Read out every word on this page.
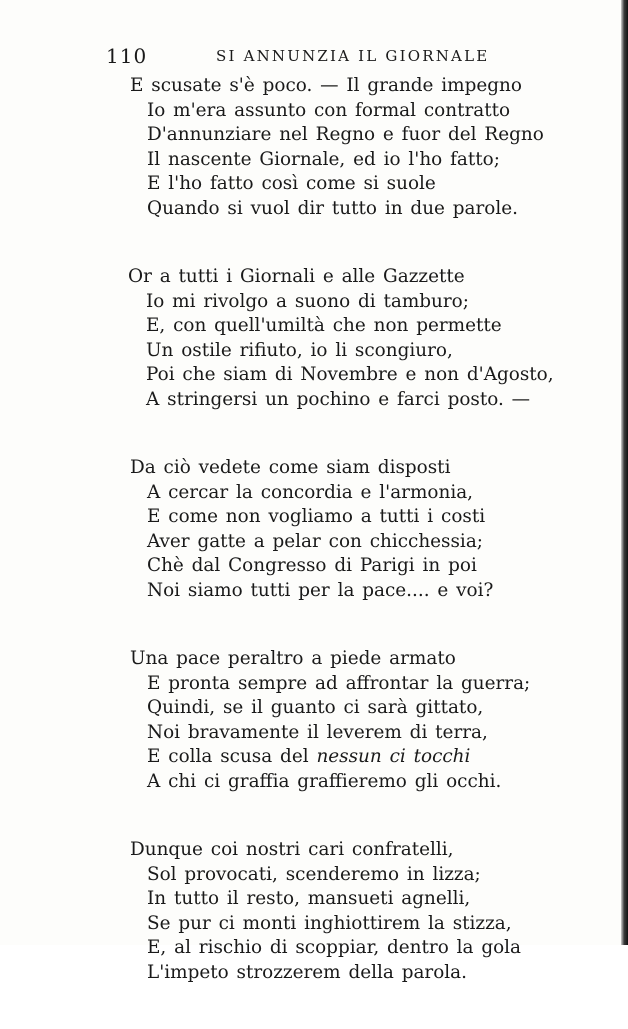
110	SI ANNUNZIA IL GIORNALE
E scusate s'è poco. — Il grande impegno
Io m'era assunto con formal contratto
D'annunziare nel Regno e fuor del Regno
Il nascente Giornale, ed io l'ho fatto;
E l'ho fatto così come si suole
Quando si vuol dir tutto in due parole.
Or a tutti i Giornali e alle Gazzette
Io mi rivolgo a suono di tamburo;
E, con quell'umiltà che non permette
Un ostile rifiuto, io li scongiuro,
Poi che siam di Novembre e non d'Agosto,
A stringersi un pochino e farci posto. —
Da ciò vedete come siam disposti
A cercar la concordia e l'armonia,
E come non vogliamo a tutti i costi
Aver gatte a pelar con chicchessia;
Chè dal Congresso di Parigi in poi
Noi siamo tutti per la pace.... e voi?
Una pace peraltro a piede armato
E pronta sempre ad affrontar la guerra;
Quindi, se il guanto ci sarà gittato,
Noi bravamente il leverem di terra,
E colla scusa del nessun ci tocchi
A chi ci graffia graffieremo gli occhi.
Dunque coi nostri cari confratelli,
Sol provocati, scenderemo in lizza;
In tutto il resto, mansueti agnelli,
Se pur ci monti inghiottirem la stizza,
E, al rischio di scoppiar, dentro la gola
L'impeto strozzerem della parola.
